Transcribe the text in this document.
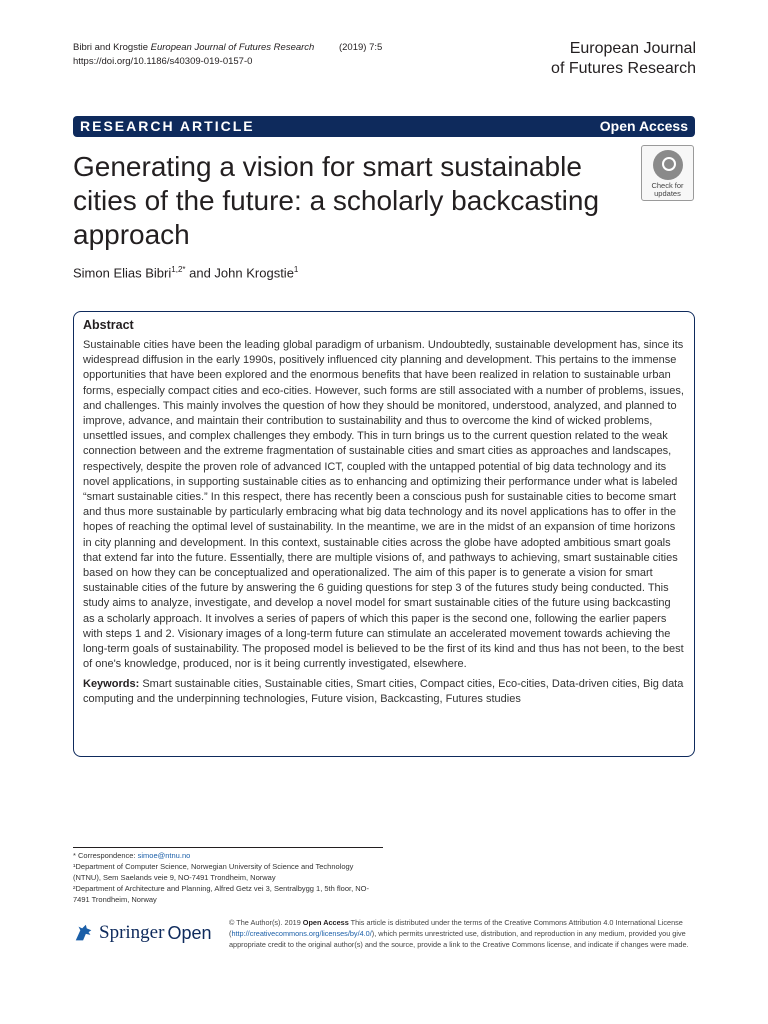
Bibri and Krogstie European Journal of Futures Research	(2019) 7:5
https://doi.org/10.1186/s40309-019-0157-0
European Journal
of Futures Research
RESEARCH ARTICLE	Open Access
Generating a vision for smart sustainable cities of the future: a scholarly backcasting approach
Check for
updates
Simon Elias Bibri$^{1,2*}$ and John Krogstie$^1$
Abstract

Sustainable cities have been the leading global paradigm of urbanism. Undoubtedly, sustainable development has, since its widespread diffusion in the early 1990s, positively influenced city planning and development. This pertains to the immense opportunities that have been explored and the enormous benefits that have been realized in relation to sustainable urban forms, especially compact cities and eco-cities. However, such forms are still associated with a number of problems, issues, and challenges. This mainly involves the question of how they should be monitored, understood, analyzed, and planned to improve, advance, and maintain their contribution to sustainability and thus to overcome the kind of wicked problems, unsettled issues, and complex challenges they embody. This in turn brings us to the current question related to the weak connection between and the extreme fragmentation of sustainable cities and smart cities as approaches and landscapes, respectively, despite the proven role of advanced ICT, coupled with the untapped potential of big data technology and its novel applications, in supporting sustainable cities as to enhancing and optimizing their performance under what is labeled “smart sustainable cities.” In this respect, there has recently been a conscious push for sustainable cities to become smart and thus more sustainable by particularly embracing what big data technology and its novel applications has to offer in the hopes of reaching the optimal level of sustainability. In the meantime, we are in the midst of an expansion of time horizons in city planning and development. In this context, sustainable cities across the globe have adopted ambitious smart goals that extend far into the future. Essentially, there are multiple visions of, and pathways to achieving, smart sustainable cities based on how they can be conceptualized and operationalized. The aim of this paper is to generate a vision for smart sustainable cities of the future by answering the 6 guiding questions for step 3 of the futures study being conducted. This study aims to analyze, investigate, and develop a novel model for smart sustainable cities of the future using backcasting as a scholarly approach. It involves a series of papers of which this paper is the second one, following the earlier papers with steps 1 and 2. Visionary images of a long-term future can stimulate an accelerated movement towards achieving the long-term goals of sustainability. The proposed model is believed to be the first of its kind and thus has not been, to the best of one's knowledge, produced, nor is it being currently investigated, elsewhere.

Keywords: Smart sustainable cities, Sustainable cities, Smart cities, Compact cities, Eco-cities, Data-driven cities, Big data computing and the underpinning technologies, Future vision, Backcasting, Futures studies

* Correspondence: simoe@ntnu.no
¹Department of Computer Science, Norwegian University of Science and Technology (NTNU), Sem Saelands veie 9, NO-7491 Trondheim, Norway
²Department of Architecture and Planning, Alfred Getz vei 3, Sentralbygg 1, 5th floor, NO-7491 Trondheim, Norway
Springer Open © The Author(s). 2019 Open Access This article is distributed under the terms of the Creative Commons Attribution 4.0 International License (http://creativecommons.org/licenses/by/4.0/), which permits unrestricted use, distribution, and reproduction in any medium, provided you give appropriate credit to the original author(s) and the source, provide a link to the Creative Commons license, and indicate if changes were made.
